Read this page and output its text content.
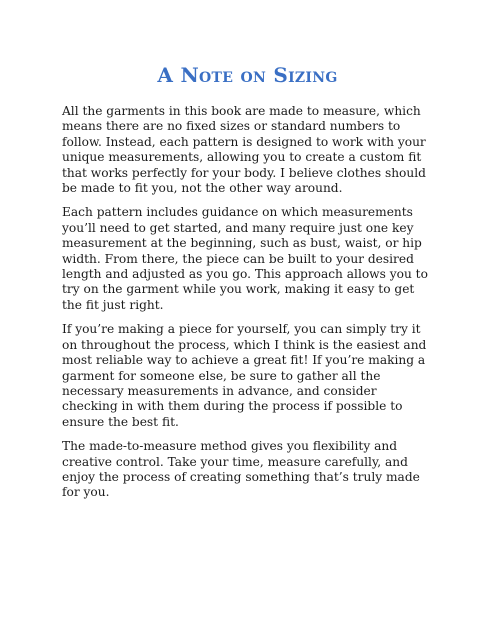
A Note on Sizing

All the garments in this book are made to measure, which means there are no fixed sizes or standard numbers to follow. Instead, each pattern is designed to work with your unique measurements, allowing you to create a custom fit that works perfectly for your body. I believe clothes should be made to fit you, not the other way around.

Each pattern includes guidance on which measurements you’ll need to get started, and many require just one key measurement at the beginning, such as bust, waist, or hip width. From there, the piece can be built to your desired length and adjusted as you go. This approach allows you to try on the garment while you work, making it easy to get the fit just right.

If you’re making a piece for yourself, you can simply try it on throughout the process, which I think is the easiest and most reliable way to achieve a great fit! If you’re making a garment for someone else, be sure to gather all the necessary measurements in advance, and consider checking in with them during the process if possible to ensure the best fit.

The made-to-measure method gives you flexibility and creative control. Take your time, measure carefully, and enjoy the process of creating something that’s truly made for you.
